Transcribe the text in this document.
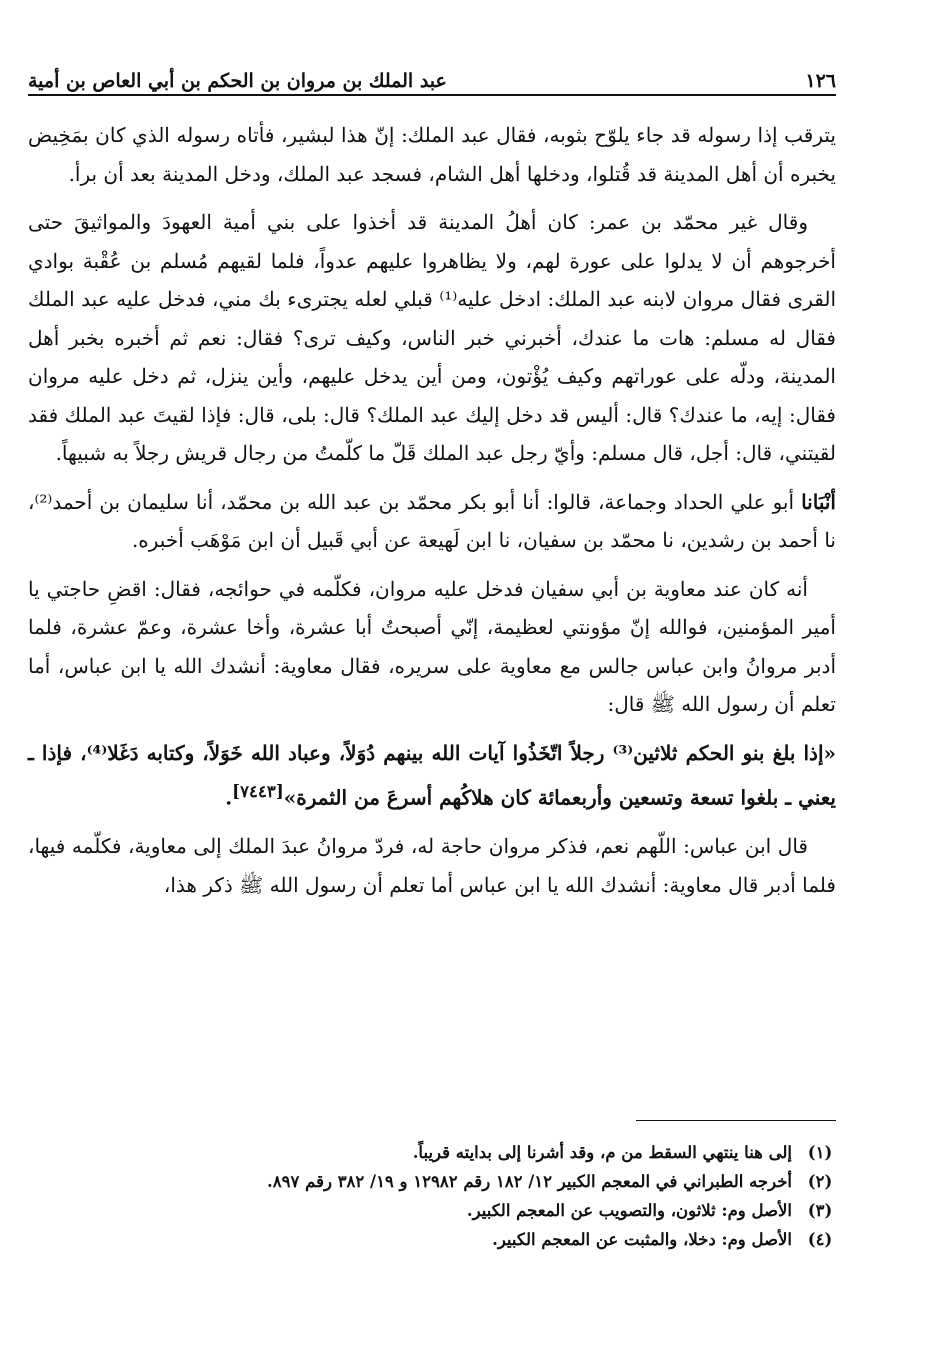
١٢٦
عبد الملك بن مروان بن الحكم بن أبي العاص بن أمية

يترقب إذا رسوله قد جاء يلوّح بثوبه، فقال عبد الملك: إنّ هذا لبشير، فأتاه رسوله الذي كان بمَخِيض يخبره أن أهل المدينة قد قُتلوا، ودخلها أهل الشام، فسجد عبد الملك، ودخل المدينة بعد أن برأ.

وقال غير محمّد بن عمر: كان أهلُ المدينة قد أخذوا على بني أمية العهودَ والمواثيقَ حتى أخرجوهم أن لا يدلوا على عورة لهم، ولا يظاهروا عليهم عدواً، فلما لقيهم مُسلم بن عُقْبة بوادي القرى فقال مروان لابنه عبد الملك: ادخل عليه⁽¹⁾ قبلي لعله يجترىء بك مني، فدخل عليه عبد الملك فقال له مسلم: هات ما عندك، أخبرني خبر الناس، وكيف ترى؟ فقال: نعم ثم أخبره بخبر أهل المدينة، ودلّه على عوراتهم وكيف يُؤْتون، ومن أين يدخل عليهم، وأين ينزل، ثم دخل عليه مروان فقال: إيه، ما عندك؟ قال: أليس قد دخل إليك عبد الملك؟ قال: بلى، قال: فإذا لقيتَ عبد الملك فقد لقيتني، قال: أجل، قال مسلم: وأيّ رجل عبد الملك قَلّ ما كلّمتُ من رجال قريش رجلاً به شبيهاً.

أنْبَانا أبو علي الحداد وجماعة، قالوا: أنا أبو بكر محمّد بن عبد الله بن محمّد، أنا سليمان بن أحمد⁽²⁾، نا أحمد بن رشدين، نا محمّد بن سفيان، نا ابن لَهيعة عن أبي قَبيل أن ابن مَوْهَب أخبره.

أنه كان عند معاوية بن أبي سفيان فدخل عليه مروان، فكلّمه في حوائجه، فقال: اقضِ حاجتي يا أمير المؤمنين، فوالله إنّ مؤونتي لعظيمة، إنّي أصبحتُ أبا عشرة، وأخا عشرة، وعمّ عشرة، فلما أدبر مروانُ وابن عباس جالس مع معاوية على سريره، فقال معاوية: أنشدك الله يا ابن عباس، أما تعلم أن رسول الله ﷺ قال:

«إذا بلغ بنو الحكم ثلاثين⁽³⁾ رجلاً اتّخَذُوا آيات الله بينهم دُوَلاً، وعباد الله خَوَلاً، وكتابه دَغَلا⁽⁴⁾، فإذا ـ يعني ـ بلغوا تسعة وتسعين وأربعمائة كان هلاكُهم أسرعَ من الثمرة»[٧٤٤٣].

قال ابن عباس: اللّهم نعم، فذكر مروان حاجة له، فردّ مروانُ عبدَ الملك إلى معاوية، فكلّمه فيها، فلما أدبر قال معاوية: أنشدك الله يا ابن عباس أما تعلم أن رسول الله ﷺ ذكر هذا،

(١)
إلى هنا ينتهي السقط من م، وقد أشرنا إلى بدايته قريباً.
(٢)
أخرجه الطبراني في المعجم الكبير ١٢/ ١٨٢ رقم ١٢٩٨٢ و ١٩/ ٣٨٢ رقم ٨٩٧.
(٣)
الأصل وم: ثلاثون، والتصويب عن المعجم الكبير.
(٤)
الأصل وم: دخلا، والمثبت عن المعجم الكبير.
